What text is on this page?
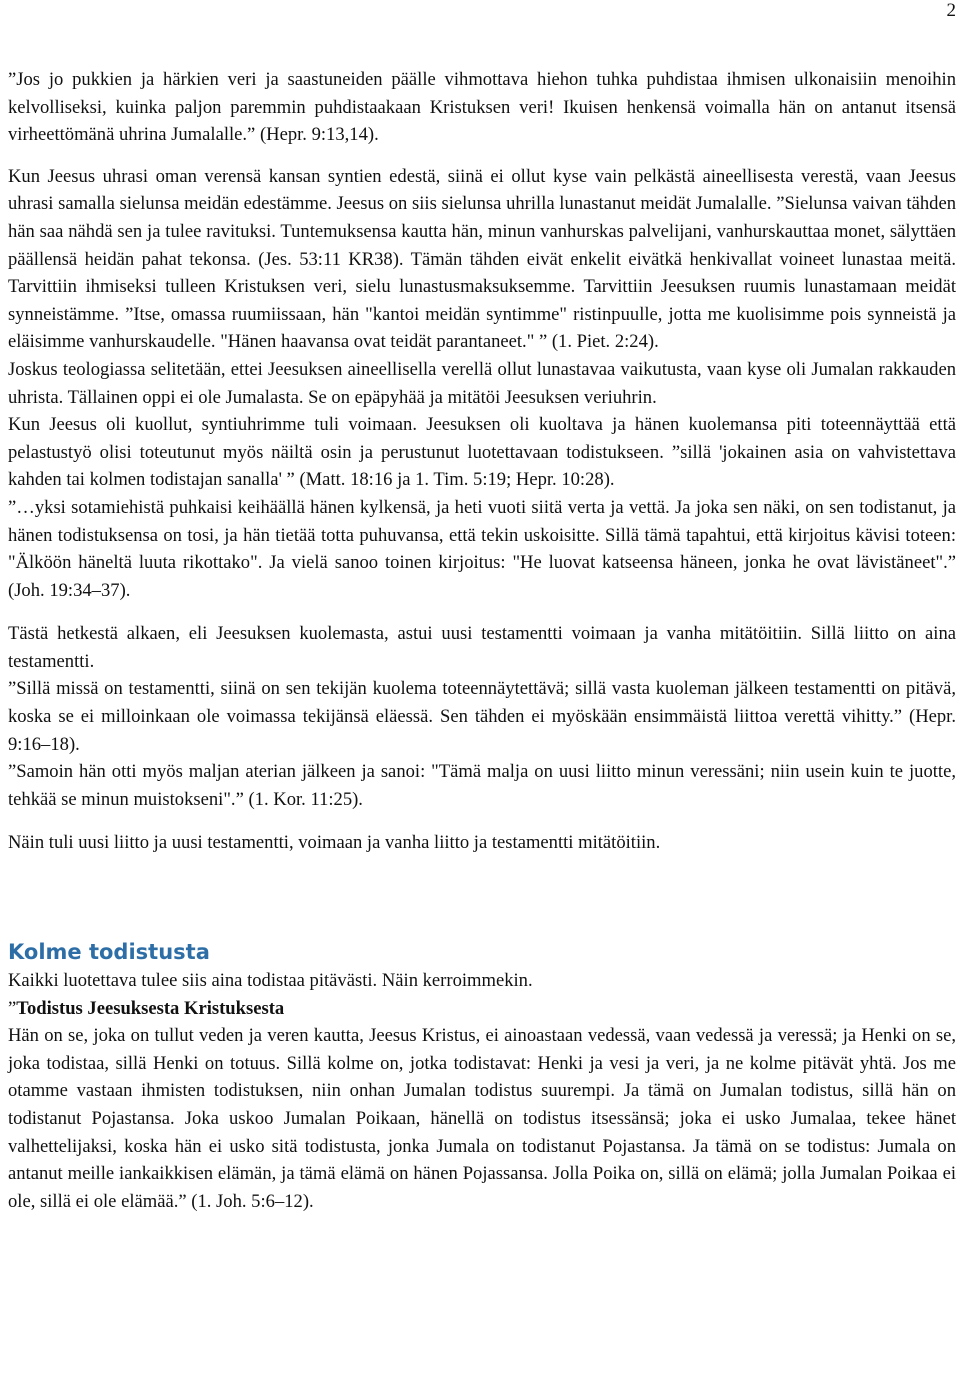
2

”Jos jo pukkien ja härkien veri ja saastuneiden päälle vihmottava hiehon tuhka puhdistaa ihmisen ulkonaisiin menoihin kelvolliseksi, kuinka paljon paremmin puhdistaakaan Kristuksen veri! Ikuisen henkensä voimalla hän on antanut itsensä virheettömänä uhrina Jumalalle.” (Hepr. 9:13,14).

Kun Jeesus uhrasi oman verensä kansan syntien edestä, siinä ei ollut kyse vain pelkästä aineellisesta verestä, vaan Jeesus uhrasi samalla sielunsa meidän edestämme. Jeesus on siis sielunsa uhrilla lunastanut meidät Jumalalle. ”Sielunsa vaivan tähden hän saa nähdä sen ja tulee ravituksi. Tuntemuksensa kautta hän, minun vanhurskas palvelijani, vanhurskauttaa monet, sälyttäen päällensä heidän pahat tekonsa. (Jes. 53:11 KR38). Tämän tähden eivät enkelit eivätkä henkivallat voineet lunastaa meitä. Tarvittiin ihmiseksi tulleen Kristuksen veri, sielu lunastusmaksuksemme. Tarvittiin Jeesuksen ruumis lunastamaan meidät synneistämme. ”Itse, omassa ruumiissaan, hän "kantoi meidän syntimme" ristinpuulle, jotta me kuolisimme pois synneistä ja eläisimme vanhurskaudelle. "Hänen haavansa ovat teidät parantaneet." ” (1. Piet. 2:24).

Joskus teologiassa selitetään, ettei Jeesuksen aineellisella verellä ollut lunastavaa vaikutusta, vaan kyse oli Jumalan rakkauden uhrista. Tällainen oppi ei ole Jumalasta. Se on epäpyhää ja mitätöi Jeesuksen veriuhrin.

Kun Jeesus oli kuollut, syntiuhrimme tuli voimaan. Jeesuksen oli kuoltava ja hänen kuolemansa piti toteennäyttää että pelastustyö olisi toteutunut myös näiltä osin ja perustunut luotettavaan todistukseen. ”sillä 'jokainen asia on vahvistettava kahden tai kolmen todistajan sanalla' ” (Matt. 18:16 ja 1. Tim. 5:19; Hepr. 10:28).

”…yksi sotamiehistä puhkaisi keihäällä hänen kylkensä, ja heti vuoti siitä verta ja vettä. Ja joka sen näki, on sen todistanut, ja hänen todistuksensa on tosi, ja hän tietää totta puhuvansa, että tekin uskoisitte. Sillä tämä tapahtui, että kirjoitus kävisi toteen: "Älköön häneltä luuta rikottako". Ja vielä sanoo toinen kirjoitus: "He luovat katseensa häneen, jonka he ovat lävistäneet".” (Joh. 19:34–37).

Tästä hetkestä alkaen, eli Jeesuksen kuolemasta, astui uusi testamentti voimaan ja vanha mitätöitiin. Sillä liitto on aina testamentti.

”Sillä missä on testamentti, siinä on sen tekijän kuolema toteennäytettävä; sillä vasta kuoleman jälkeen testamentti on pitävä, koska se ei milloinkaan ole voimassa tekijänsä eläessä. Sen tähden ei myöskään ensimmäistä liittoa verettä vihitty.” (Hepr. 9:16–18).

”Samoin hän otti myös maljan aterian jälkeen ja sanoi: "Tämä malja on uusi liitto minun veressäni; niin usein kuin te juotte, tehkää se minun muistokseni".” (1. Kor. 11:25).

Näin tuli uusi liitto ja uusi testamentti, voimaan ja vanha liitto ja testamentti mitätöitiin.

Kolme todistusta

Kaikki luotettava tulee siis aina todistaa pitävästi. Näin kerroimmekin.

”Todistus Jeesuksesta Kristuksesta

Hän on se, joka on tullut veden ja veren kautta, Jeesus Kristus, ei ainoastaan vedessä, vaan vedessä ja veressä; ja Henki on se, joka todistaa, sillä Henki on totuus. Sillä kolme on, jotka todistavat: Henki ja vesi ja veri, ja ne kolme pitävät yhtä. Jos me otamme vastaan ihmisten todistuksen, niin onhan Jumalan todistus suurempi. Ja tämä on Jumalan todistus, sillä hän on todistanut Pojastansa. Joka uskoo Jumalan Poikaan, hänellä on todistus itsessänsä; joka ei usko Jumalaa, tekee hänet valhettelijaksi, koska hän ei usko sitä todistusta, jonka Jumala on todistanut Pojastansa. Ja tämä on se todistus: Jumala on antanut meille iankaikkisen elämän, ja tämä elämä on hänen Pojassansa. Jolla Poika on, sillä on elämä; jolla Jumalan Poikaa ei ole, sillä ei ole elämää.” (1. Joh. 5:6–12).
